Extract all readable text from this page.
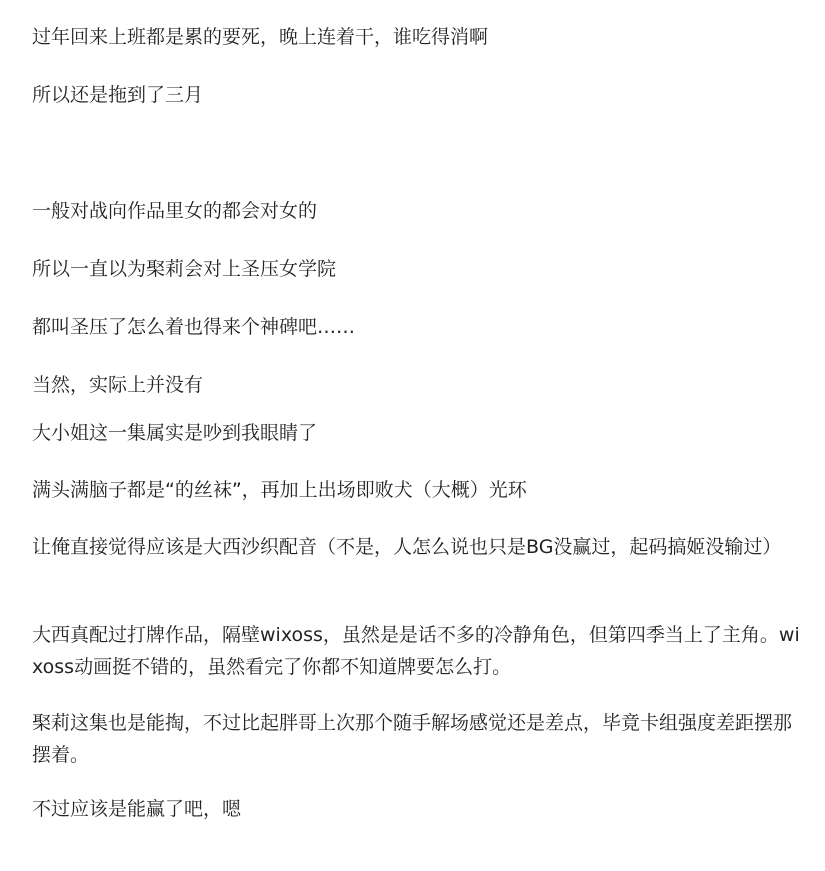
过年回来上班都是累的要死，晚上连着干，谁吃得消啊

所以还是拖到了三月

一般对战向作品里女的都会对女的

所以一直以为棸莉会对上圣压女学院

都叫圣压了怎么着也得来个神碑吧……

当然，实际上并没有

大小姐这一集属实是吵到我眼睛了

满头满脑子都是“的丝袜”，再加上出场即败犬（大概）光环

让俺直接觉得应该是大西沙织配音（不是，人怎么说也只是BG没赢过，起码搞姬没输过）

大西真配过打牌作品，隔壁wixoss，虽然是是话不多的冷静角色，但第四季当上了主角。wixoss动画挺不错的，虽然看完了你都不知道牌要怎么打。

棸莉这集也是能掏，不过比起胖哥上次那个随手解场感觉还是差点，毕竟卡组强度差距摆那摆着。

不过应该是能赢了吧，嗯
